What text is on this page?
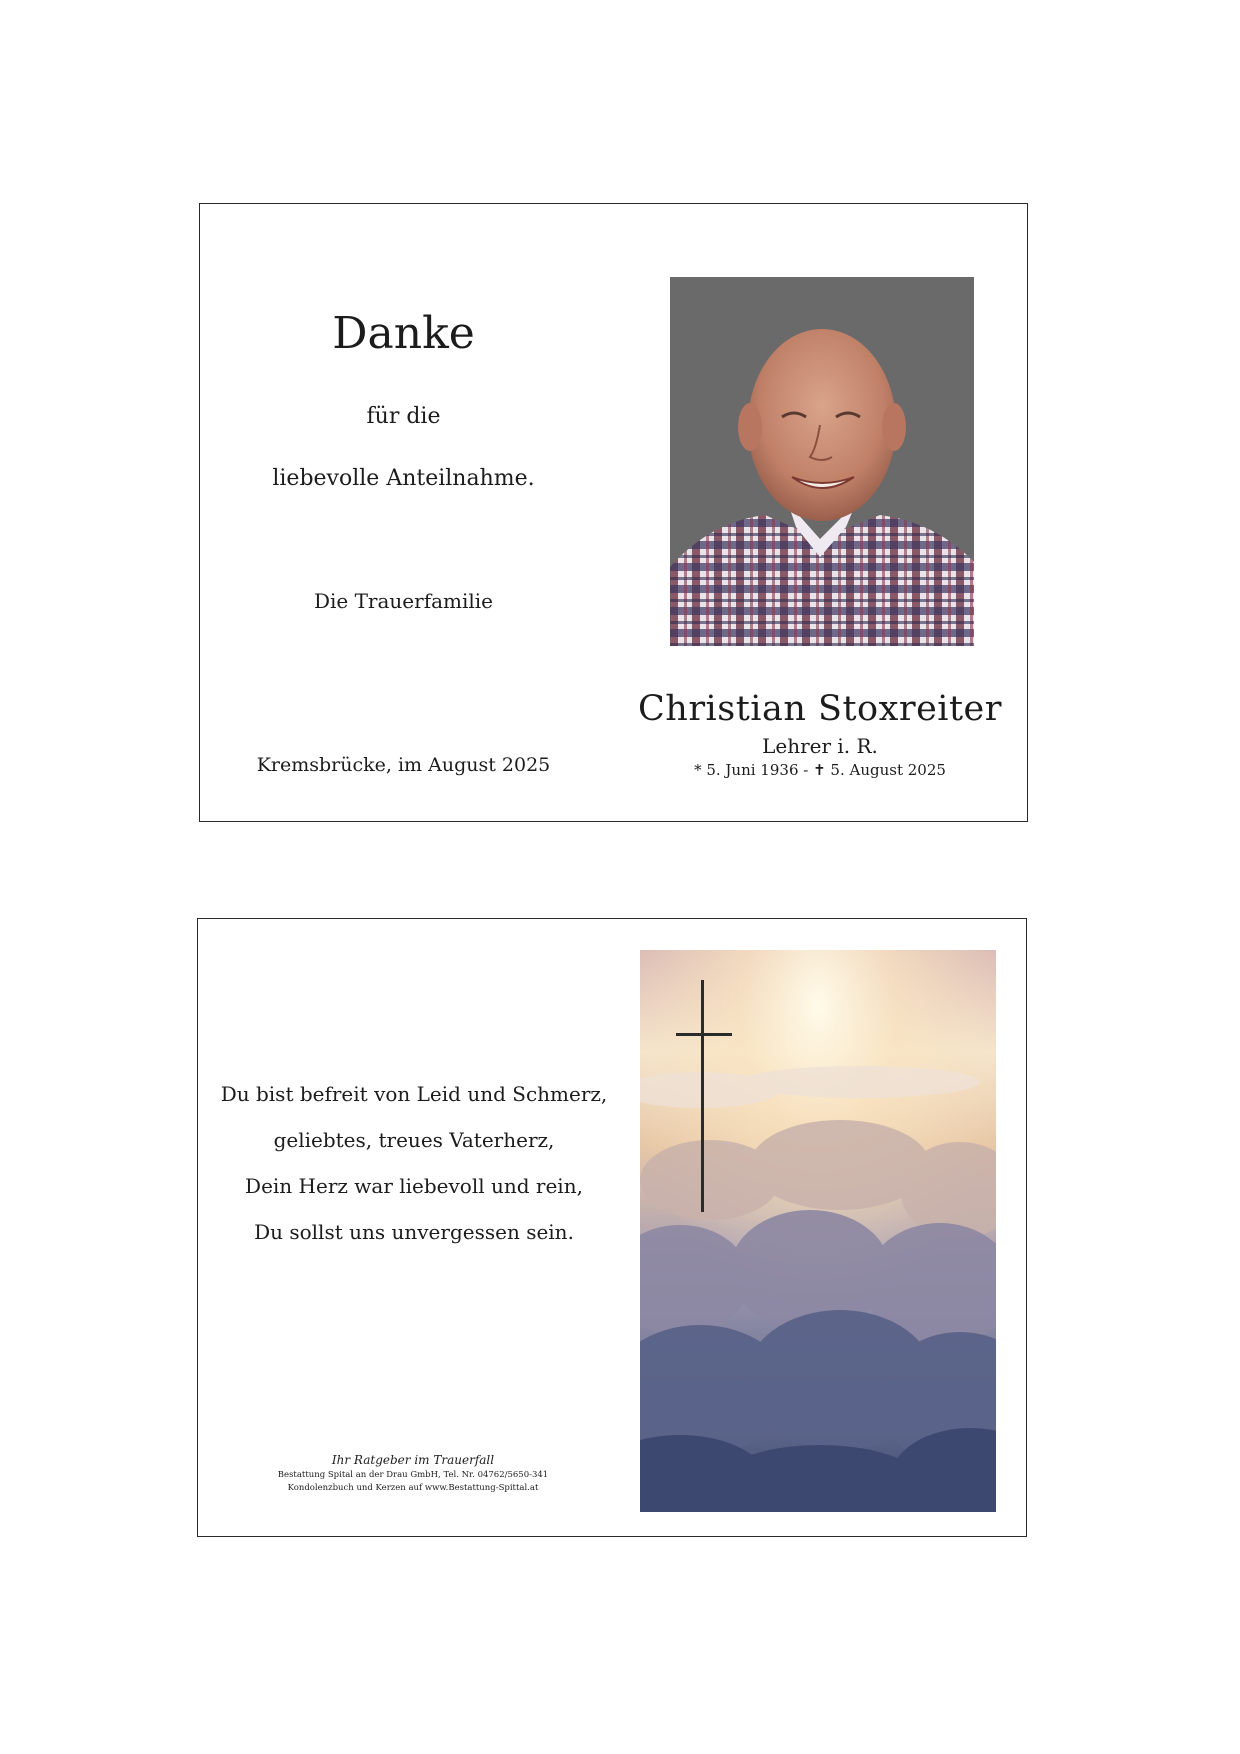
Danke
für die
liebevolle Anteilnahme.
Die Trauerfamilie
Kremsbrücke, im August 2025
Christian Stoxreiter
Lehrer i. R.
* 5. Juni 1936 - ✝ 5. August 2025
Du bist befreit von Leid und Schmerz,
geliebtes, treues Vaterherz,
Dein Herz war liebevoll und rein,
Du sollst uns unvergessen sein.
Ihr Ratgeber im Trauerfall
Bestattung Spital an der Drau GmbH, Tel. Nr. 04762/5650-341
Kondolenzbuch und Kerzen auf www.Bestattung-Spittal.at
